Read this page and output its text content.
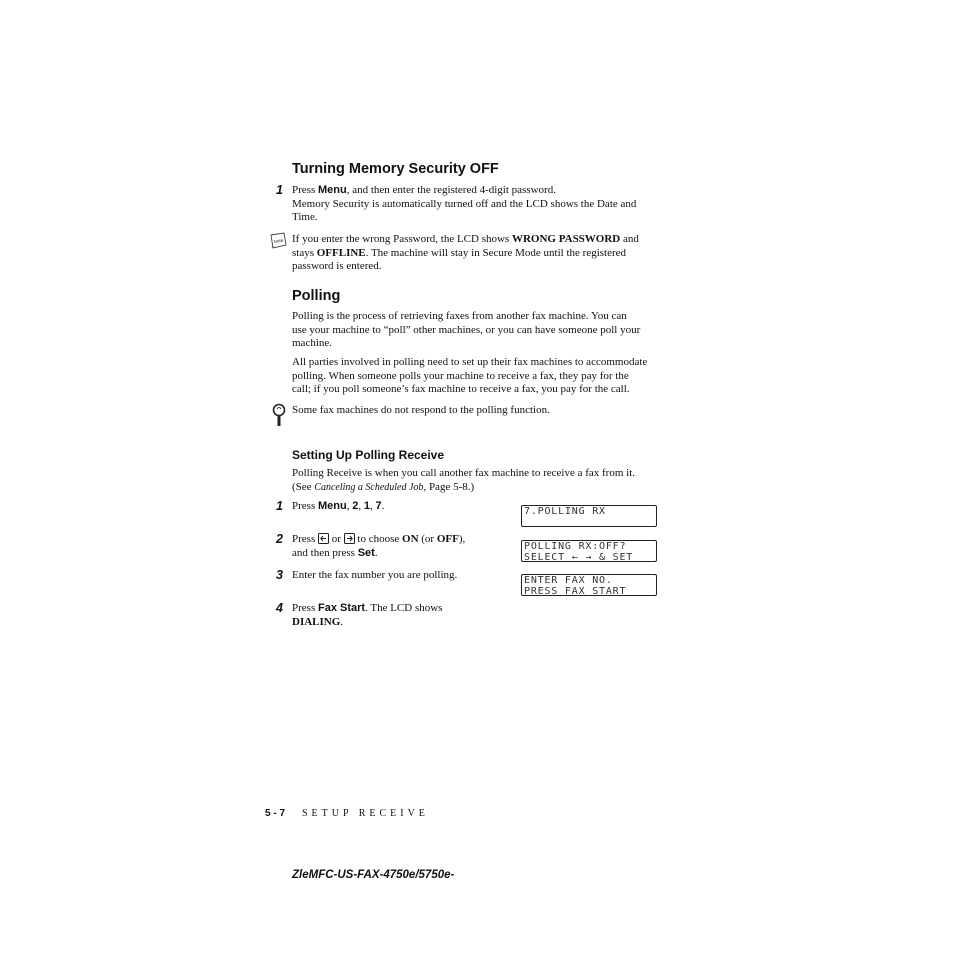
Turning Memory Security OFF
1 Press Menu, and then enter the registered 4-digit password.
Memory Security is automatically turned off and the LCD shows the Date and
Time.
Note If you enter the wrong Password, the LCD shows WRONG PASSWORD and
stays OFFLINE. The machine will stay in Secure Mode until the registered
password is entered.
Polling
Polling is the process of retrieving faxes from another fax machine. You can
use your machine to “poll” other machines, or you can have someone poll your
machine.
All parties involved in polling need to set up their fax machines to accommodate
polling. When someone polls your machine to receive a fax, they pay for the
call; if you poll someone’s fax machine to receive a fax, you pay for the call.
Some fax machines do not respond to the polling function.
Setting Up Polling Receive
Polling Receive is when you call another fax machine to receive a fax from it.
(See Canceling a Scheduled Job, Page 5-8.)
1 Press Menu, 2, 1, 7.
2 Press  or  to choose ON (or OFF),
and then press Set.
3 Enter the fax number you are polling.
4 Press Fax Start. The LCD shows
DIALING.
7.POLLING RX
POLLING RX:OFF?
SELECT ← → & SET
ENTER FAX NO.
PRESS FAX START
5 - 7 SETUP RECEIVE
ZleMFC-US-FAX-4750e/5750e-
